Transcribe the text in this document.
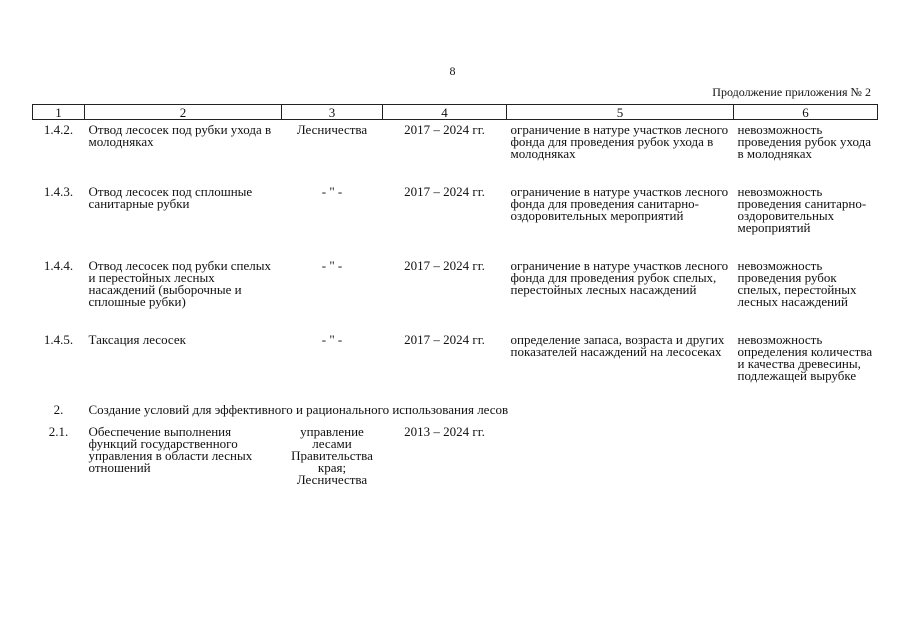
8
Продолжение приложения № 2
1	2	3	4	5	6
1.4.2.	Отвод лесосек под рубки ухода в молодняках	Лесничества	2017 – 2024 гг.	ограничение в натуре участков лесного фонда для проведения рубок ухода в молодняках	невозможность проведения рубок ухода в молодняках
1.4.3.	Отвод лесосек под сплошные санитарные рубки	- " -	2017 – 2024 гг.	ограничение в натуре участков лесного фонда для проведения санитарно-оздоровительных мероприятий	невозможность проведения санитарно-оздоровительных мероприятий
1.4.4.	Отвод лесосек под рубки спелых и перестойных лесных насаждений (выборочные и сплошные рубки)	- " -	2017 – 2024 гг.	ограничение в натуре участков лесного фонда для проведения рубок спелых, перестойных лесных насаждений	невозможность проведения рубок спелых, перестойных лесных насаждений
1.4.5.	Таксация лесосек	- " -	2017 – 2024 гг.	определение запаса, возраста и других показателей насаждений на лесосеках	невозможность определения количества и качества древесины, подлежащей вырубке
2.	Создание условий для эффективного и рационального использования лесов				
2.1.	Обеспечение выполнения функций государственного управления в области лесных отношений	управление лесами Правительства края; Лесничества	2013 – 2024 гг.		
